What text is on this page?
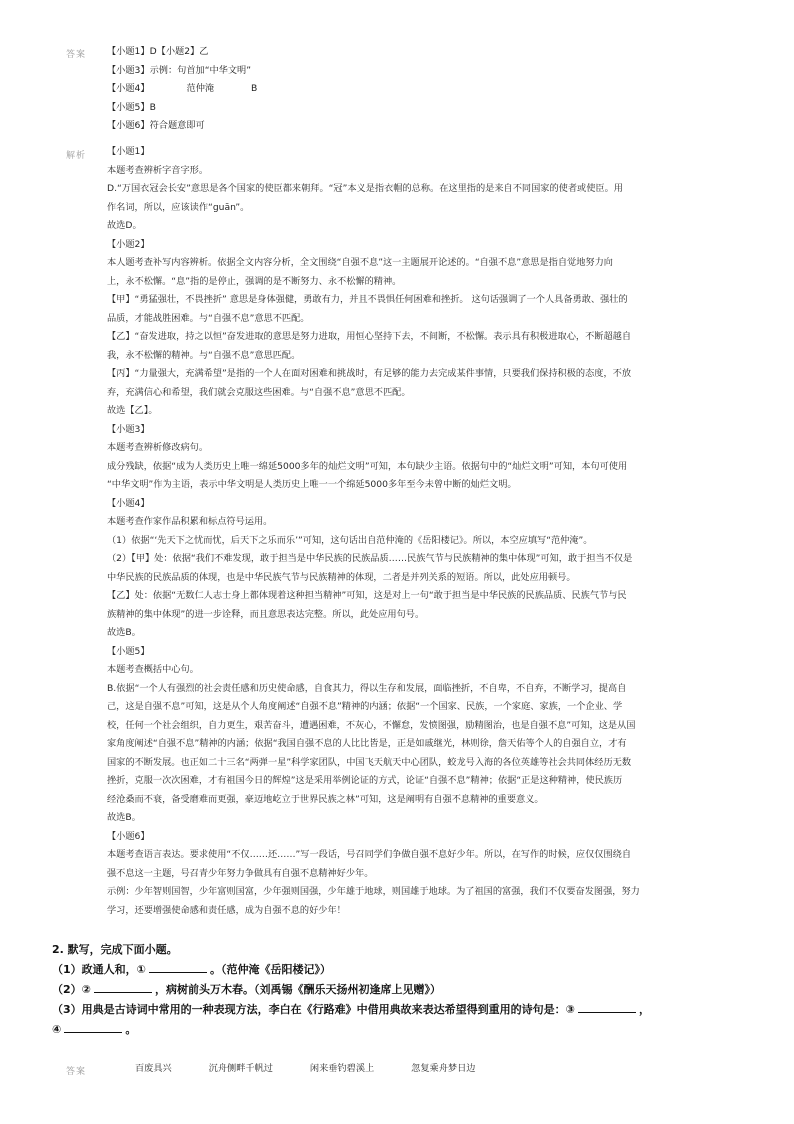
答案 【小题1】D【小题2】乙
【小题3】示例：句首加“中华文明”
【小题4】	范仲淹	B
【小题5】B
【小题6】符合题意即可
解析 【小题1】
本题考查辨析字音字形。
D.“万国衣冠会长安”意思是各个国家的使臣都来朝拜。“冠”本义是指衣帽的总称。在这里指的是来自不同国家的使者或使臣。用
作名词，所以，应该读作“guān”。
故选D。
【小题2】
本人题考查补写内容辨析。依据全文内容分析，全文围绕“自强不息”这一主题展开论述的。“自强不息”意思是指自觉地努力向
上，永不松懈。“息”指的是停止，强调的是不断努力、永不松懈的精神。
【甲】“勇猛强壮，不畏挫折” 意思是身体强健，勇敢有力，并且不畏惧任何困难和挫折。 这句话强调了一个人具备勇敢、强壮的
品质，才能战胜困难。与“自强不息”意思不匹配。
【乙】“奋发进取，持之以恒”奋发进取的意思是努力进取，用恒心坚持下去，不间断，不松懈。表示具有积极进取心，不断超越自
我，永不松懈的精神。与“自强不息”意思匹配。
【丙】“力量强大，充满希望”是指的一个人在面对困难和挑战时，有足够的能力去完成某件事情，只要我们保持积极的态度，不放
弃，充满信心和希望，我们就会克服这些困难。与“自强不息”意思不匹配。
故选【乙】。
【小题3】
本题考查辨析修改病句。
成分残缺，依据“成为人类历史上唯一绵延5000多年的灿烂文明”可知，本句缺少主语。依据句中的“灿烂文明”可知，本句可使用
“中华文明”作为主语，表示中华文明是人类历史上唯一一个绵延5000多年至今未曾中断的灿烂文明。
【小题4】
本题考查作家作品积累和标点符号运用。
（1）依据“‘先天下之忧而忧，后天下之乐而乐’”可知，这句话出自范仲淹的《岳阳楼记》。所以，本空应填写“范仲淹”。
（2）【甲】处：依据“我们不难发现，敢于担当是中华民族的民族品质……民族气节与民族精神的集中体现”可知，敢于担当不仅是
中华民族的民族品质的体现，也是中华民族气节与民族精神的体现，二者是并列关系的短语。所以，此处应用顿号。
【乙】处：依据“无数仁人志士身上都体现着这种担当精神”可知，这是对上一句“敢于担当是中华民族的民族品质、民族气节与民
族精神的集中体现”的进一步诠释，而且意思表达完整。所以，此处应用句号。
故选B。
【小题5】
本题考查概括中心句。
B.依据“一个人有强烈的社会责任感和历史使命感，自食其力，得以生存和发展，面临挫折，不自卑，不自弃，不断学习，提高自
己，这是自强不息”可知，这是从个人角度阐述“自强不息”精神的内涵；依据“一个国家、民族，一个家庭、家族，一个企业、学
校，任何一个社会组织，自力更生，艰苦奋斗，遭遇困难，不灰心，不懈怠，发愤图强，励精图治，也是自强不息”可知，这是从国
家角度阐述“自强不息”精神的内涵；依据“我国自强不息的人比比皆是，正是如戚继光，林则徐，詹天佑等个人的自强自立，才有
国家的不断发展。也正如二十三名“两弹一星”科学家团队，中国飞天航天中心团队，蛟龙号入海的各位英雄等社会共同体经历无数
挫折，克服一次次困难，才有祖国今日的辉煌”这是采用举例论证的方式，论证“自强不息”精神；依据“正是这种精神，使民族历
经沧桑而不衰，备受磨难而更强，豪迈地屹立于世界民族之林”可知，这是阐明有自强不息精神的重要意义。
故选B。
【小题6】
本题考查语言表达。要求使用“不仅……还……”写一段话，号召同学们争做自强不息好少年。所以，在写作的时候，应仅仅围绕自
强不息这一主题，号召青少年努力争做具有自强不息精神好少年。
示例：少年智则国智，少年富则国富，少年强则国强，少年雄于地球，则国雄于地球。为了祖国的富强，我们不仅要奋发图强，努力
学习，还要增强使命感和责任感，成为自强不息的好少年！
2. 默写，完成下面小题。
（1）政通人和，①	。（范仲淹《岳阳楼记》）
（2）②	，病树前头万木春。（刘禹锡《酬乐天扬州初逢席上见赠》）
（3）用典是古诗词中常用的一种表现方法，李白在《行路难》中借用典故来表达希望得到重用的诗句是：③	，
④	。
答案	百废具兴	沉舟侧畔千帆过	闲来垂钓碧溪上	忽复乘舟梦日边
